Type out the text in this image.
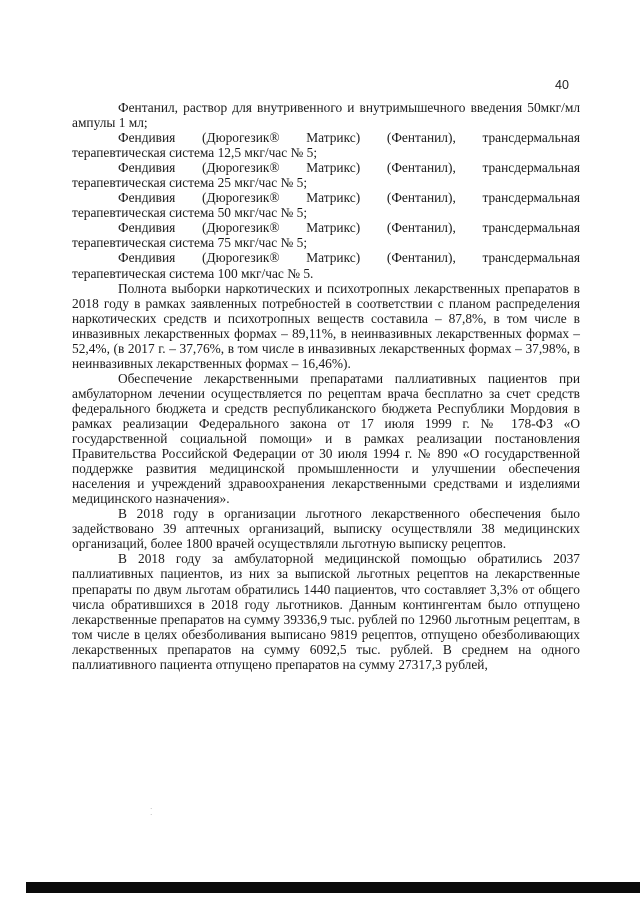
40

Фентанил, раствор для внутривенного и внутримышечного введения 50мкг/мл ампулы 1 мл;

Фендивия (Дюрогезик® Матрикс) (Фентанил), трансдермальная
терапевтическая система 12,5 мкг/час № 5;
Фендивия (Дюрогезик® Матрикс) (Фентанил), трансдермальная
терапевтическая система 25 мкг/час № 5;
Фендивия (Дюрогезик® Матрикс) (Фентанил), трансдермальная
терапевтическая система 50 мкг/час № 5;
Фендивия (Дюрогезик® Матрикс) (Фентанил), трансдермальная
терапевтическая система 75 мкг/час № 5;
Фендивия (Дюрогезик® Матрикс) (Фентанил), трансдермальная
терапевтическая система 100 мкг/час № 5.

Полнота выборки наркотических и психотропных лекарственных препаратов в 2018 году в рамках заявленных потребностей в соответствии с планом распределения наркотических средств и психотропных веществ составила – 87,8%, в том числе в инвазивных лекарственных формах – 89,11%, в неинвазивных лекарственных формах – 52,4%, (в 2017 г. – 37,76%, в том числе в инвазивных лекарственных формах – 37,98%, в неинвазивных лекарственных формах – 16,46%).

Обеспечение лекарственными препаратами паллиативных пациентов при амбулаторном лечении осуществляется по рецептам врача бесплатно за счет средств федерального бюджета и средств республиканского бюджета Республики Мордовия в рамках реализации Федерального закона от 17 июля 1999 г. № 178-ФЗ «О государственной социальной помощи» и в рамках реализации постановления Правительства Российской Федерации от 30 июля 1994 г. № 890 «О государственной поддержке развития медицинской промышленности и улучшении обеспечения населения и учреждений здравоохранения лекарственными средствами и изделиями медицинского назначения».

В 2018 году в организации льготного лекарственного обеспечения было задействовано 39 аптечных организаций, выписку осуществляли 38 медицинских организаций, более 1800 врачей осуществляли льготную выписку рецептов.

В 2018 году за амбулаторной медицинской помощью обратились 2037 паллиативных пациентов, из них за выпиской льготных рецептов на лекарственные препараты по двум льготам обратились 1440 пациентов, что составляет 3,3% от общего числа обратившихся в 2018 году льготников. Данным контингентам было отпущено лекарственные препаратов на сумму 39336,9 тыс. рублей по 12960 льготным рецептам, в том числе в целях обезболивания выписано 9819 рецептов, отпущено обезболивающих лекарственных препаратов на сумму 6092,5 тыс. рублей. В среднем на одного паллиативного пациента отпущено препаратов на сумму 27317,3 рублей,

·
·
